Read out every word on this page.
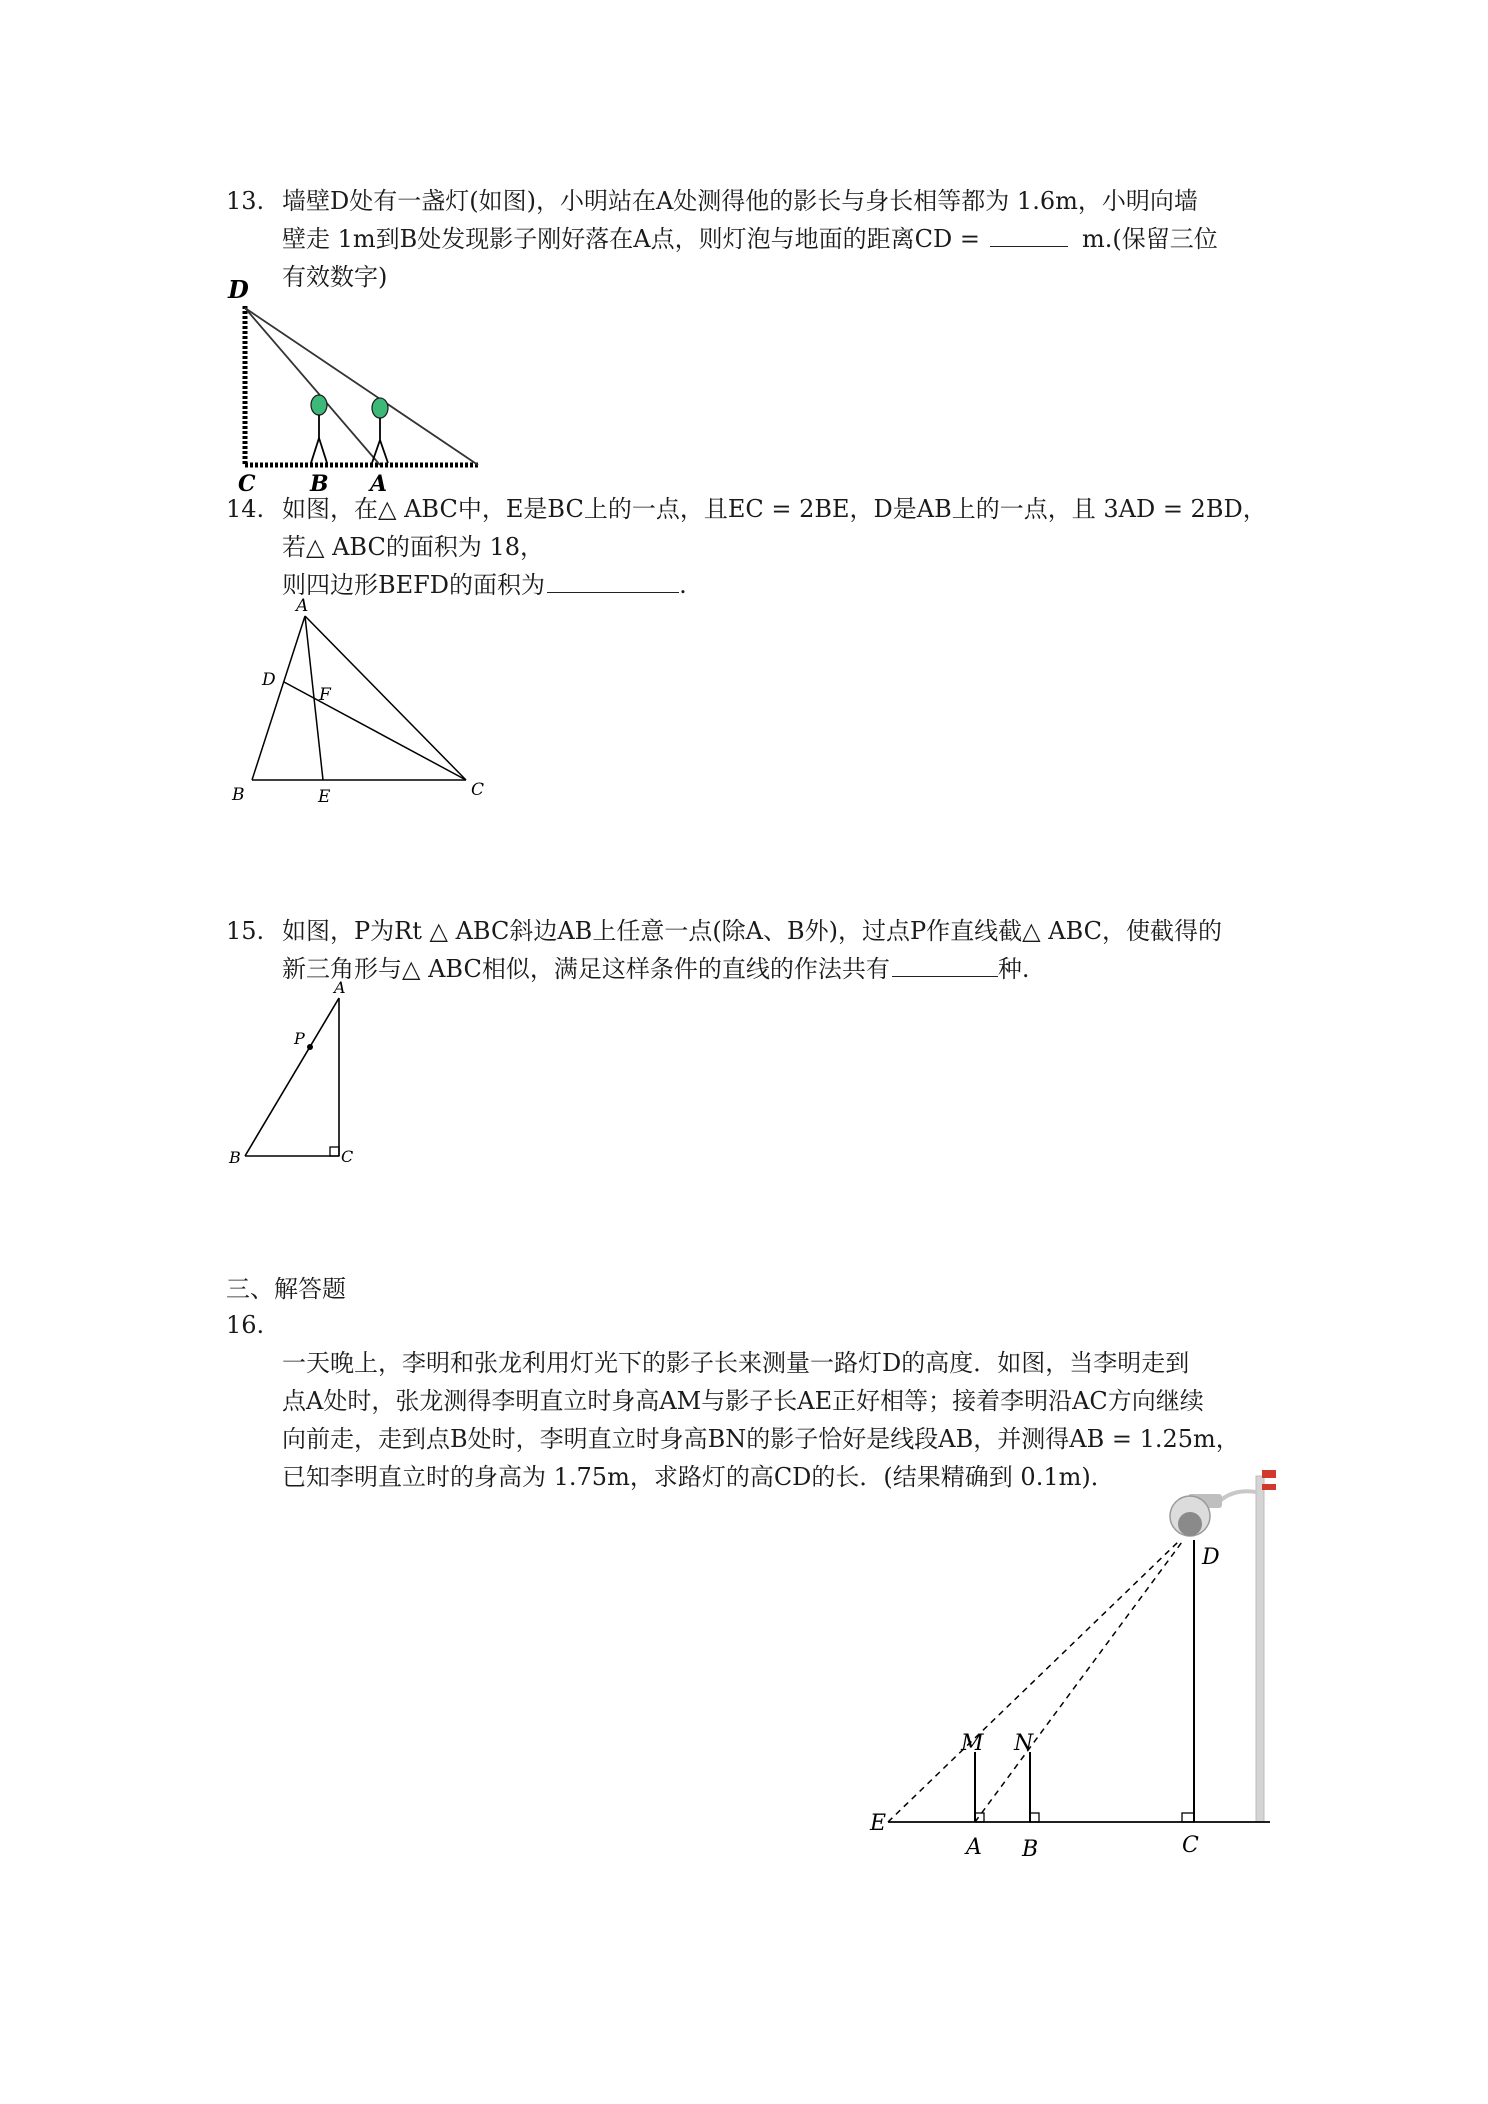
13. 墙壁D处有一盏灯(如图)，小明站在A处测得他的影长与身长相等都为 1.6m，小明向墙
壁走 1m到B处发现影子刚好落在A点，则灯泡与地面的距离CD =	m.(保留三位
有效数字)
D
C B A
14. 如图，在△ ABC中，E是BC上的一点，且EC = 2BE，D是AB上的一点，且 3AD = 2BD，
若△ ABC的面积为 18，
则四边形BEFD的面积为	.
A
D
F
B	E	C
15. 如图，P为Rt △ ABC斜边AB上任意一点(除A、B外)，过点P作直线截△ ABC，使截得的
新三角形与△ ABC相似，满足这样条件的直线的作法共有	种.
A
P
B	C
三、解答题
16.
一天晚上，李明和张龙利用灯光下的影子长来测量一路灯D的高度．如图，当李明走到
点A处时，张龙测得李明直立时身高AM与影子长AE正好相等；接着李明沿AC方向继续
向前走，走到点B处时，李明直立时身高BN的影子恰好是线段AB，并测得AB = 1.25m，
已知李明直立时的身高为 1.75m，求路灯的高CD的长．(结果精确到 0.1m)．
D
M N
E
A B	C
